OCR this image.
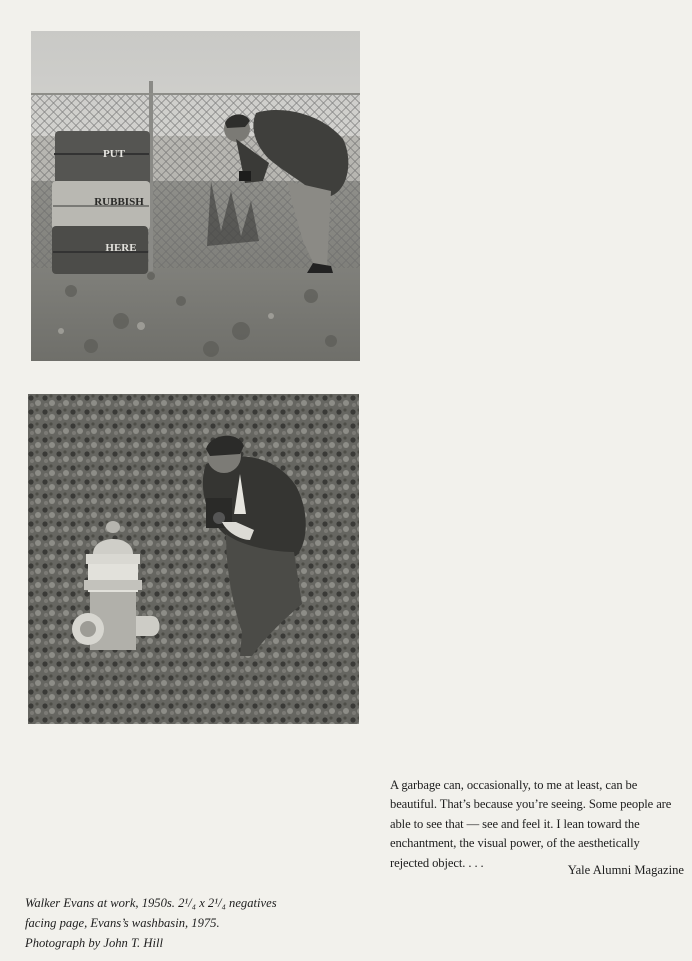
PUT
RUBBISH
HERE

A garbage can, occasionally, to me at least, can be

beautiful. That’s because you’re seeing. Some people are

able to see that — see and feel it. I lean toward the

enchantment, the visual power, of the aesthetically

rejected object. . . .

Yale Alumni Magazine
Walker Evans at work, 1950s. 2¹/₄ x 2¹/₄ negatives
facing page, Evans’s washbasin, 1975.
Photograph by John T. Hill
